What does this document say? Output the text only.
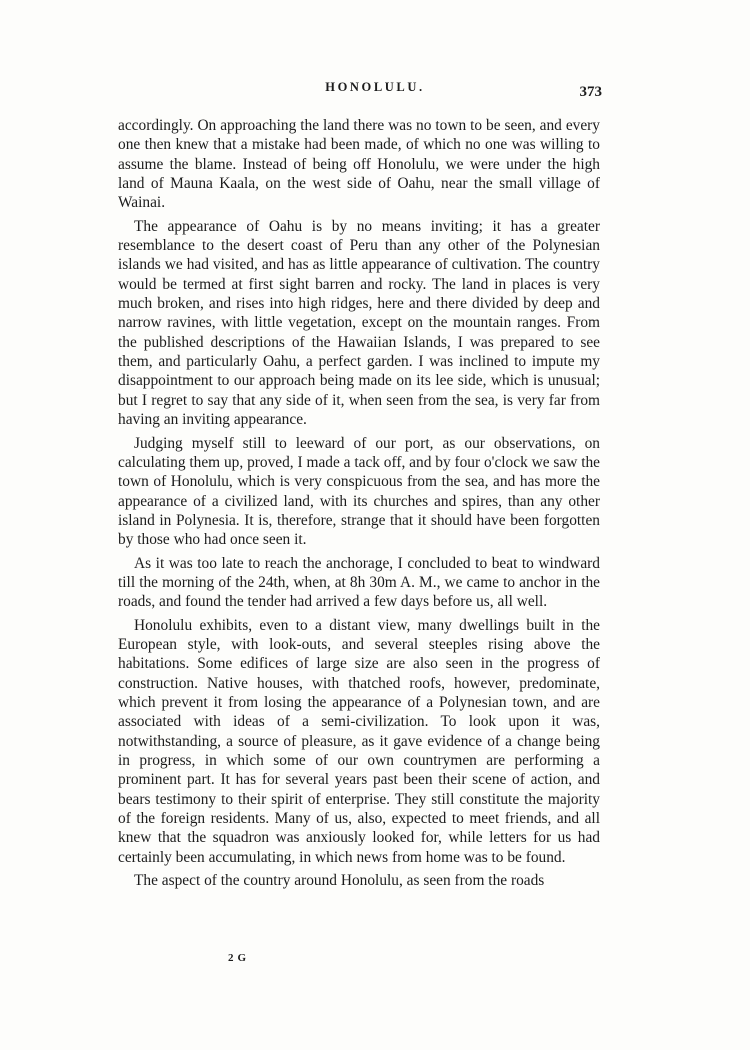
HONOLULU.	373

accordingly. On approaching the land there was no town to be seen, and every one then knew that a mistake had been made, of which no one was willing to assume the blame. Instead of being off Honolulu, we were under the high land of Mauna Kaala, on the west side of Oahu, near the small village of Wainai.

The appearance of Oahu is by no means inviting; it has a greater resemblance to the desert coast of Peru than any other of the Polynesian islands we had visited, and has as little appearance of cultivation. The country would be termed at first sight barren and rocky. The land in places is very much broken, and rises into high ridges, here and there divided by deep and narrow ravines, with little vegetation, except on the mountain ranges. From the published descriptions of the Hawaiian Islands, I was prepared to see them, and particularly Oahu, a perfect garden. I was inclined to impute my disappointment to our approach being made on its lee side, which is unusual; but I regret to say that any side of it, when seen from the sea, is very far from having an inviting appearance.

Judging myself still to leeward of our port, as our observations, on calculating them up, proved, I made a tack off, and by four o'clock we saw the town of Honolulu, which is very conspicuous from the sea, and has more the appearance of a civilized land, with its churches and spires, than any other island in Polynesia. It is, therefore, strange that it should have been forgotten by those who had once seen it.

As it was too late to reach the anchorage, I concluded to beat to windward till the morning of the 24th, when, at 8h 30m A. M., we came to anchor in the roads, and found the tender had arrived a few days before us, all well.

Honolulu exhibits, even to a distant view, many dwellings built in the European style, with look-outs, and several steeples rising above the habitations. Some edifices of large size are also seen in the progress of construction. Native houses, with thatched roofs, however, predominate, which prevent it from losing the appearance of a Polynesian town, and are associated with ideas of a semi-civilization. To look upon it was, notwithstanding, a source of pleasure, as it gave evidence of a change being in progress, in which some of our own countrymen are performing a prominent part. It has for several years past been their scene of action, and bears testimony to their spirit of enterprise. They still constitute the majority of the foreign residents. Many of us, also, expected to meet friends, and all knew that the squadron was anxiously looked for, while letters for us had certainly been accumulating, in which news from home was to be found.

The aspect of the country around Honolulu, as seen from the roads

2 G
